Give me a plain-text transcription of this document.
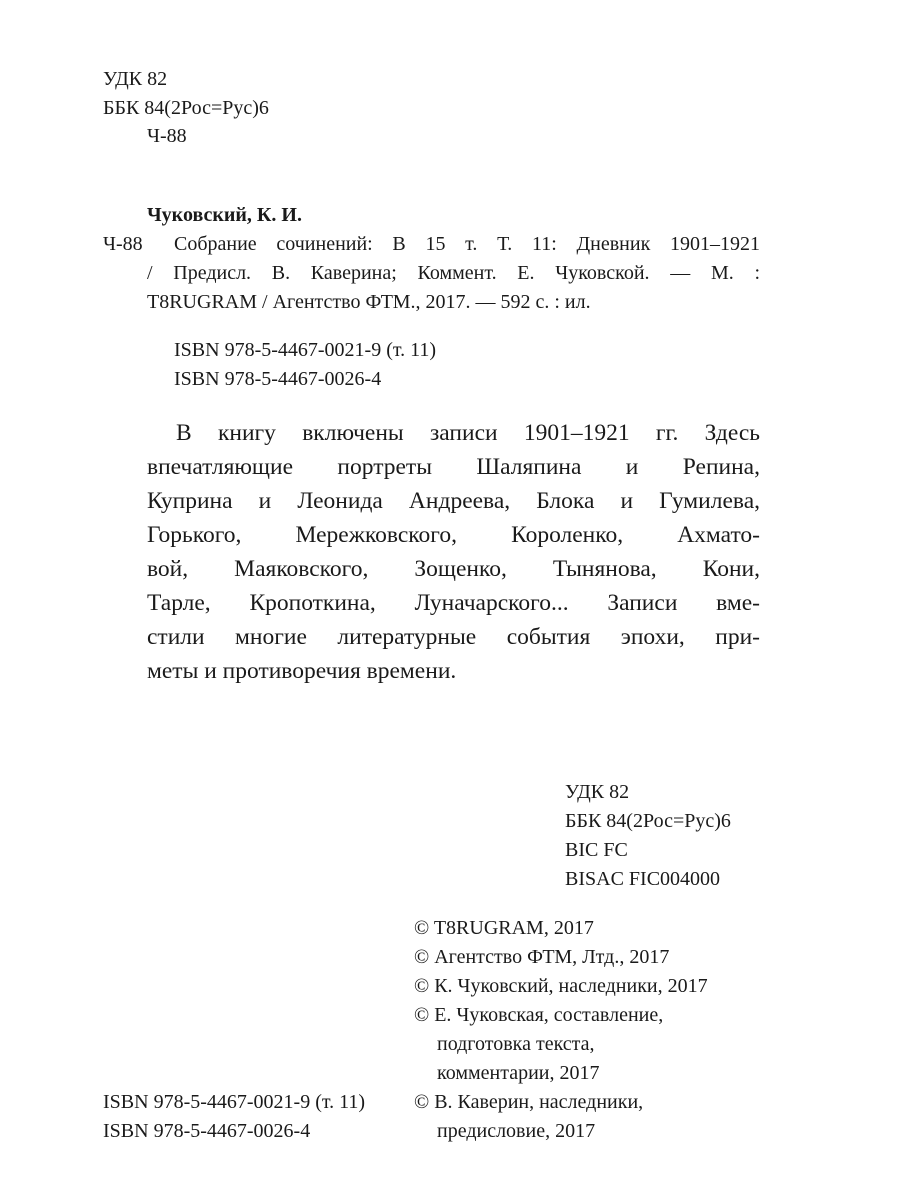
УДК 82
ББК 84(2Рос=Рус)6
Ч-88
Чуковский, К. И.
Ч-88 Собрание сочинений: В 15 т. Т. 11: Дневник 1901–1921
/ Предисл. В. Каверина; Коммент. Е. Чуковской. — М. :
T8RUGRAM / Агентство ФТМ., 2017. — 592 с. : ил.
ISBN 978-5-4467-0021-9 (т. 11)
ISBN 978-5-4467-0026-4
В книгу включены записи 1901–1921 гг. Здесь
впечатляющие портреты Шаляпина и Репина,
Куприна и Леонида Андреева, Блока и Гумилева,
Горького, Мережковского, Короленко, Ахмато-
вой, Маяковского, Зощенко, Тынянова, Кони,
Тарле, Кропоткина, Луначарского... Записи вме-
стили многие литературные события эпохи, при-
меты и противоречия времени.
УДК 82
ББК 84(2Рос=Рус)6
BIC FC
BISAC FIC004000
© T8RUGRAM, 2017
© Агентство ФТМ, Лтд., 2017
© К. Чуковский, наследники, 2017
© Е. Чуковская, составление,
подготовка текста,
комментарии, 2017
© В. Каверин, наследники,
предисловие, 2017
ISBN 978-5-4467-0021-9 (т. 11)
ISBN 978-5-4467-0026-4
